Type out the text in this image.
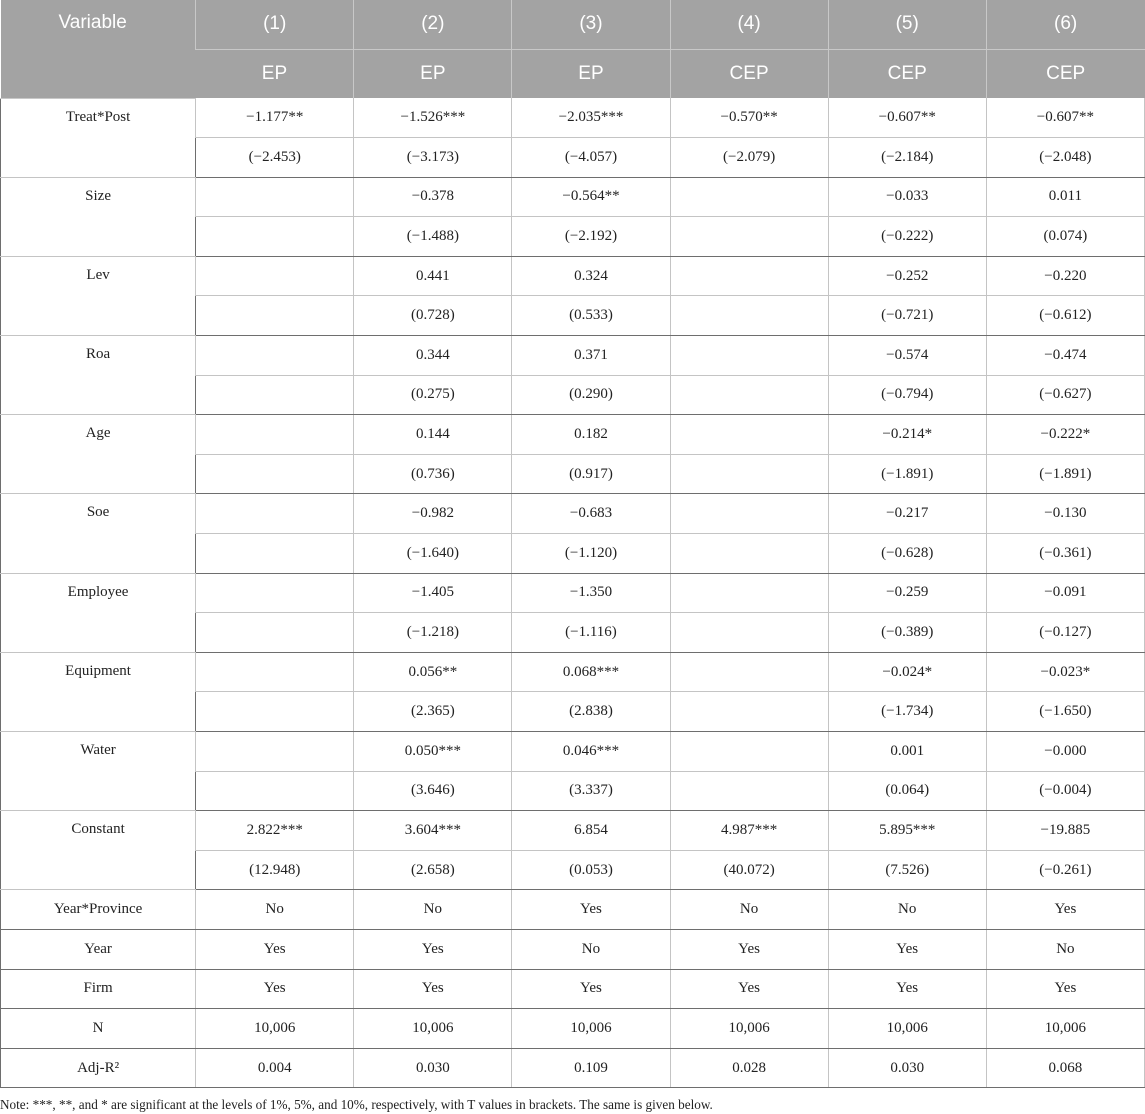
Variable	(1)	(2)	(3)	(4)	(5)	(6)
	EP	EP	EP	CEP	CEP	CEP
Treat*Post	−1.177**	−1.526***	−2.035***	−0.570**	−0.607**	−0.607**
	(−2.453)	(−3.173)	(−4.057)	(−2.079)	(−2.184)	(−2.048)
Size		−0.378	−0.564**		−0.033	0.011
		(−1.488)	(−2.192)		(−0.222)	(0.074)
Lev		0.441	0.324		−0.252	−0.220
		(0.728)	(0.533)		(−0.721)	(−0.612)
Roa		0.344	0.371		−0.574	−0.474
		(0.275)	(0.290)		(−0.794)	(−0.627)
Age		0.144	0.182		−0.214*	−0.222*
		(0.736)	(0.917)		(−1.891)	(−1.891)
Soe		−0.982	−0.683		−0.217	−0.130
		(−1.640)	(−1.120)		(−0.628)	(−0.361)
Employee		−1.405	−1.350		−0.259	−0.091
		(−1.218)	(−1.116)		(−0.389)	(−0.127)
Equipment		0.056**	0.068***		−0.024*	−0.023*
		(2.365)	(2.838)		(−1.734)	(−1.650)
Water		0.050***	0.046***		0.001	−0.000
		(3.646)	(3.337)		(0.064)	(−0.004)
Constant	2.822***	3.604***	6.854	4.987***	5.895***	−19.885
	(12.948)	(2.658)	(0.053)	(40.072)	(7.526)	(−0.261)
Year*Province	No	No	Yes	No	No	Yes
Year	Yes	Yes	No	Yes	Yes	No
Firm	Yes	Yes	Yes	Yes	Yes	Yes
N	10,006	10,006	10,006	10,006	10,006	10,006
Adj-R²	0.004	0.030	0.109	0.028	0.030	0.068
Note: ***, **, and * are significant at the levels of 1%, 5%, and 10%, respectively, with T values in brackets. The same is given below.
